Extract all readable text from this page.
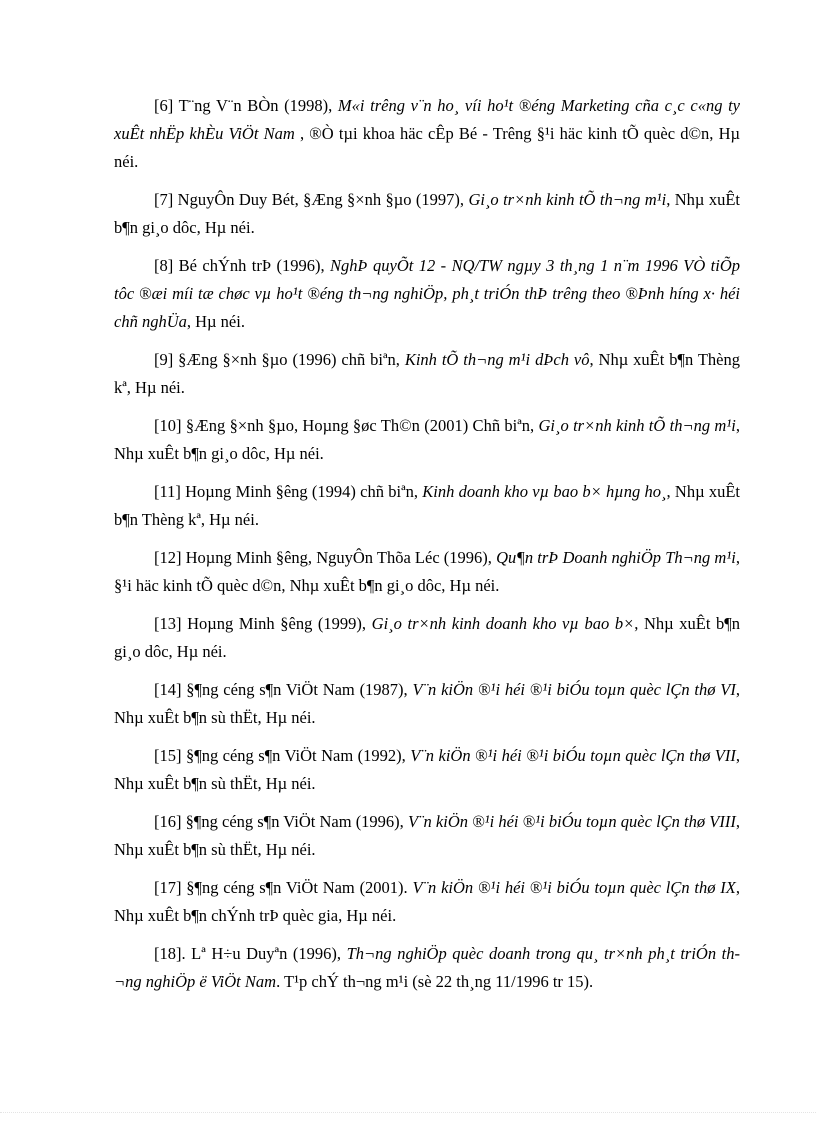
[6] T¨ng V¨n BÒn (1998), M«i trêng v¨n ho¸ víi ho¹t ®éng Marketing cña c¸c c«ng ty xuÊt nhËp khÈu ViÖt Nam , ®Ò tµi khoa häc cÊp Bé - Trêng §¹i häc kinh tÕ quèc d©n, Hµ néi.

[7] NguyÔn Duy Bét, §Æng §×nh §µo (1997), Gi¸o tr×nh kinh tÕ th¬ng m¹i, Nhµ xuÊt b¶n gi¸o dôc, Hµ néi.

[8] Bé chÝnh trÞ (1996), NghÞ quyÕt 12 - NQ/TW ngµy 3 th¸ng 1 n¨m 1996 VÒ tiÕp tôc ®æi míi tæ chøc vµ ho¹t ®éng th¬ng nghiÖp, ph¸t triÓn thÞ trêng theo ®Þnh híng x· héi chñ nghÜa, Hµ néi.

[9] §Æng §×nh §µo (1996) chñ biªn, Kinh tÕ th¬ng m¹i dÞch vô, Nhµ xuÊt b¶n Thèng kª, Hµ néi.

[10] §Æng §×nh §µo, Hoµng §øc Th©n (2001) Chñ biªn, Gi¸o tr×nh kinh tÕ th¬ng m¹i, Nhµ xuÊt b¶n gi¸o dôc, Hµ néi.

[11] Hoµng Minh §êng (1994) chñ biªn, Kinh doanh kho vµ bao b× hµng ho¸, Nhµ xuÊt b¶n Thèng kª, Hµ néi.

[12] Hoµng Minh §êng, NguyÔn Thõa Léc (1996), Qu¶n trÞ Doanh nghiÖp Th¬ng m¹i, §¹i häc kinh tÕ quèc d©n, Nhµ xuÊt b¶n gi¸o dôc, Hµ néi.

[13] Hoµng Minh §êng (1999), Gi¸o tr×nh kinh doanh kho vµ bao b×, Nhµ xuÊt b¶n gi¸o dôc, Hµ néi.

[14] §¶ng céng s¶n ViÖt Nam (1987), V¨n kiÖn ®¹i héi ®¹i biÓu toµn quèc lÇn thø VI, Nhµ xuÊt b¶n sù thËt, Hµ néi.

[15] §¶ng céng s¶n ViÖt Nam (1992), V¨n kiÖn ®¹i héi ®¹i biÓu toµn quèc lÇn thø VII, Nhµ xuÊt b¶n sù thËt, Hµ néi.

[16] §¶ng céng s¶n ViÖt Nam (1996), V¨n kiÖn ®¹i héi ®¹i biÓu toµn quèc lÇn thø VIII, Nhµ xuÊt b¶n sù thËt, Hµ néi.

[17] §¶ng céng s¶n ViÖt Nam (2001). V¨n kiÖn ®¹i héi ®¹i biÓu toµn quèc lÇn thø IX, Nhµ xuÊt b¶n chÝnh trÞ quèc gia, Hµ néi.

[18]. Lª H÷u Duyªn (1996), Th¬ng nghiÖp quèc doanh trong qu¸ tr×nh ph¸t triÓn th¬ng nghiÖp ë ViÖt Nam. T¹p chÝ th¬ng m¹i (sè 22 th¸ng 11/1996 tr 15).
